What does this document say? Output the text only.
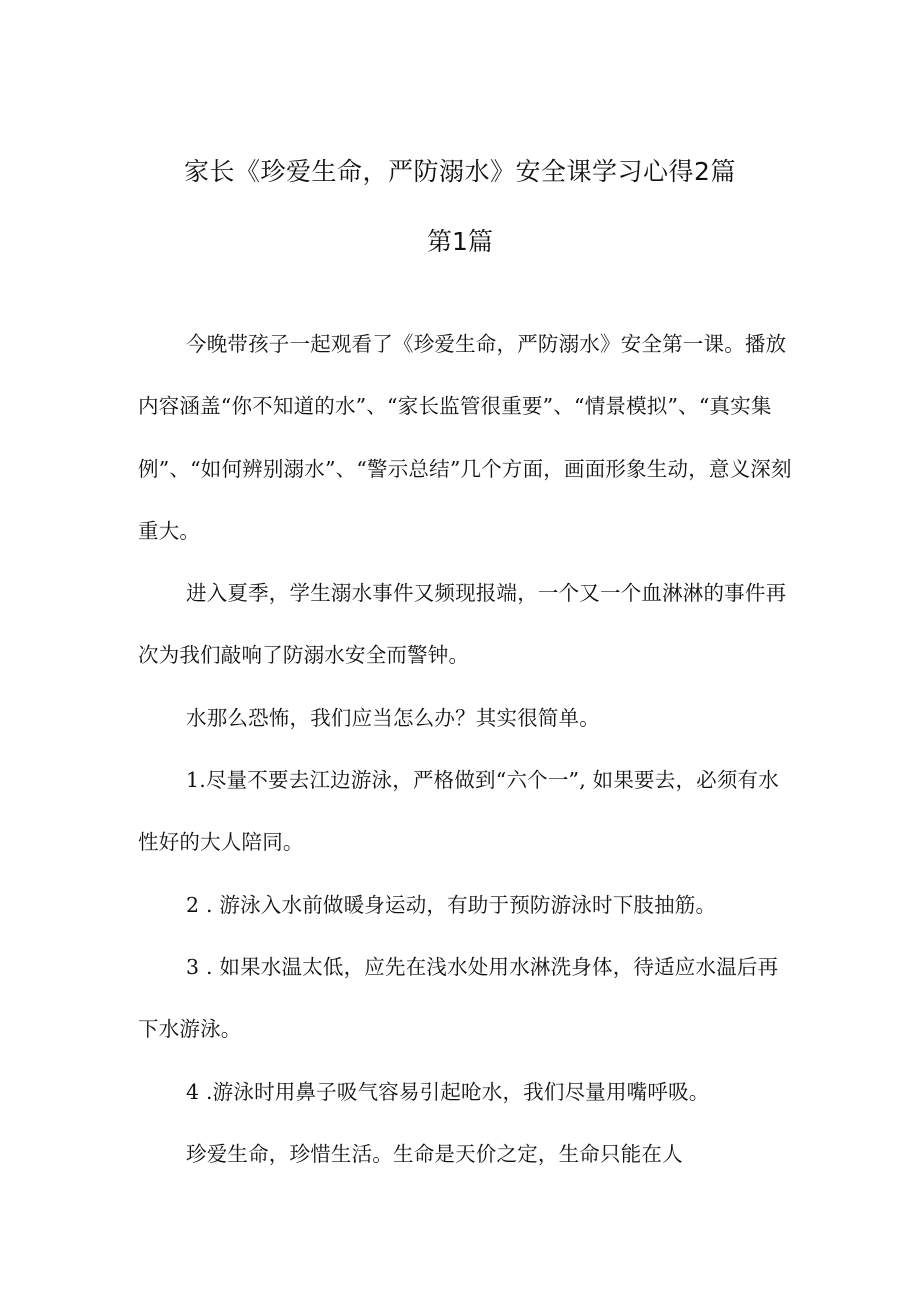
家长《珍爱生命，严防溺水》安全课学习心得2篇
第1篇

今晚带孩子一起观看了《珍爱生命，严防溺水》安全第一课。播放内容涵盖“你不知道的水”、“家长监管很重要”、“情景模拟”、“真实集例”、“如何辨别溺水”、“警示总结”几个方面，画面形象生动，意义深刻重大。

进入夏季，学生溺水事件又频现报端，一个又一个血淋淋的事件再次为我们敲响了防溺水安全而警钟。

水那么恐怖，我们应当怎么办？其实很简单。

1.尽量不要去江边游泳，严格做到“六个一”, 如果要去，必须有水性好的大人陪同。

2 . 游泳入水前做暖身运动，有助于预防游泳时下肢抽筋。

3 . 如果水温太低，应先在浅水处用水淋洗身体，待适应水温后再下水游泳。

4 .游泳时用鼻子吸气容易引起呛水，我们尽量用嘴呼吸。

珍爱生命，珍惜生活。生命是天价之定，生命只能在人
